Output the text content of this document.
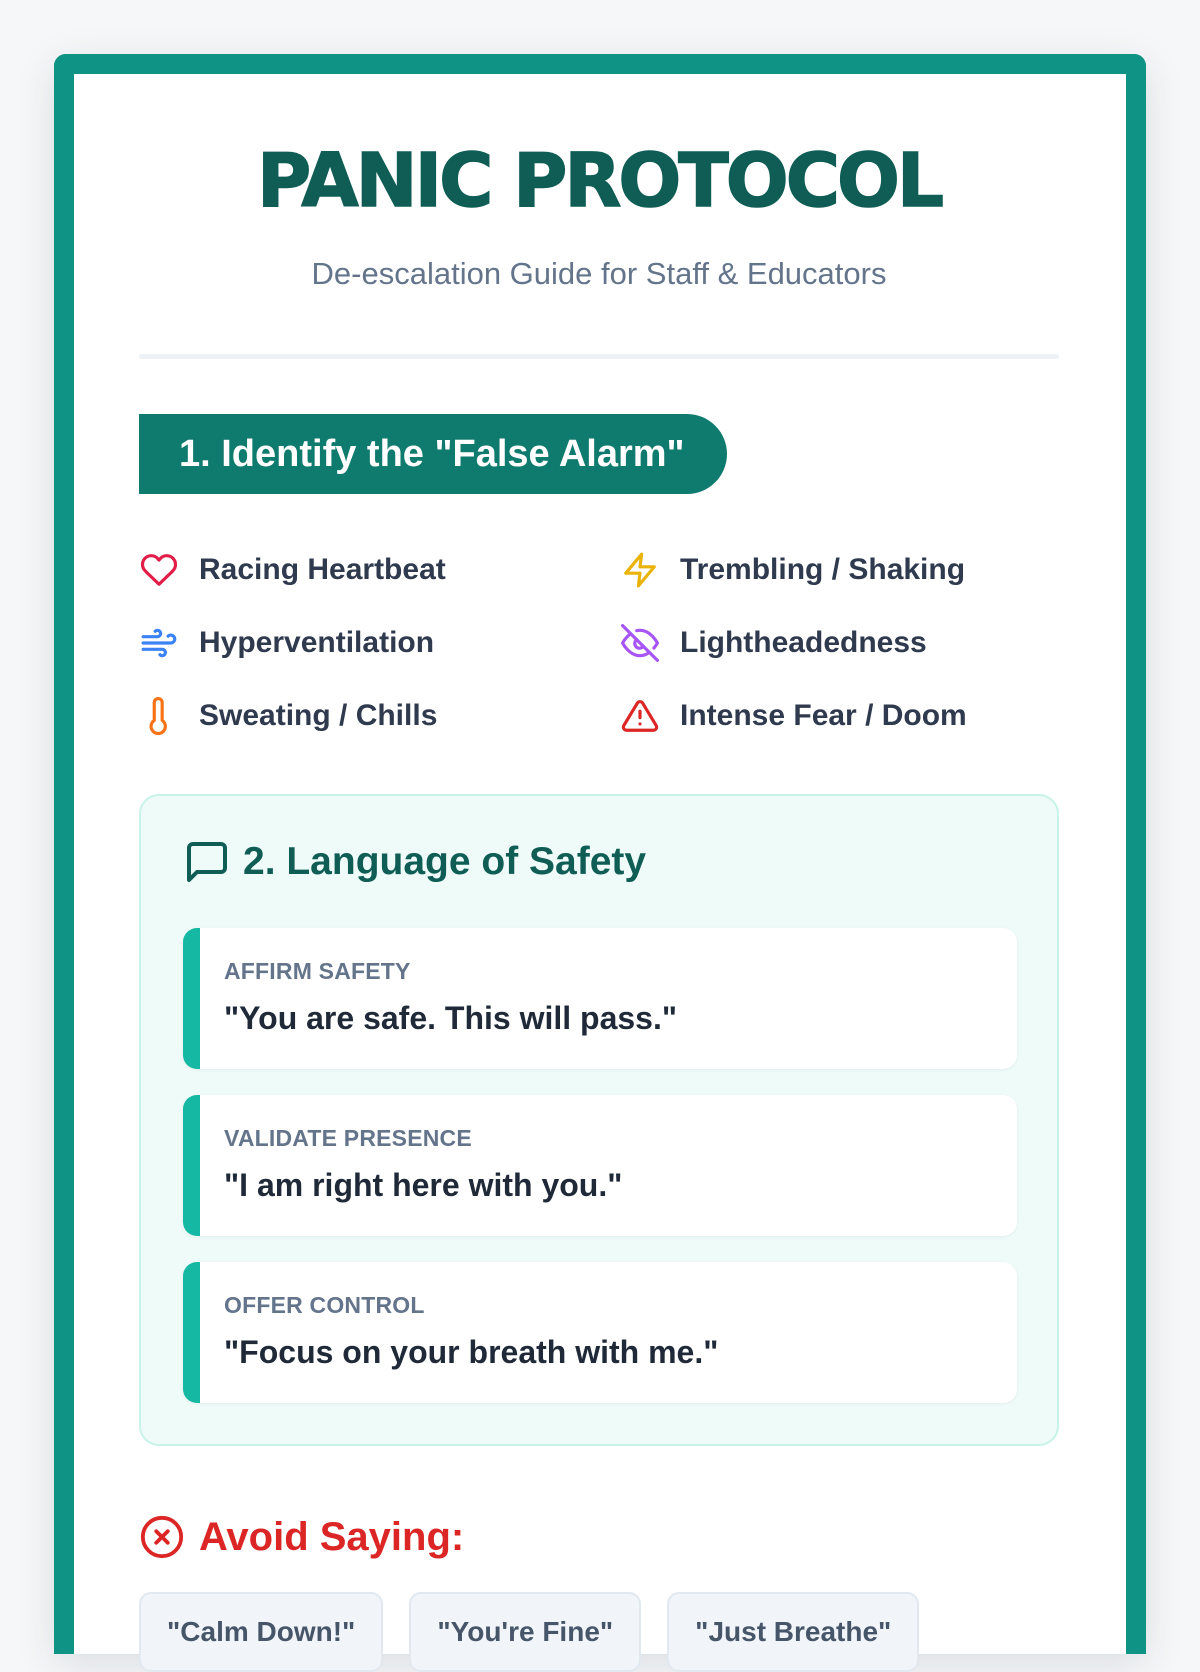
PANIC PROTOCOL
De-escalation Guide for Staff & Educators
1. Identify the "False Alarm"
Racing Heartbeat	Trembling / Shaking
Hyperventilation	Lightheadedness
Sweating / Chills	Intense Fear / Doom
2. Language of Safety
AFFIRM SAFETY
"You are safe. This will pass."
VALIDATE PRESENCE
"I am right here with you."
OFFER CONTROL
"Focus on your breath with me."
Avoid Saying:
"Calm Down!"	"You're Fine"	"Just Breathe"
